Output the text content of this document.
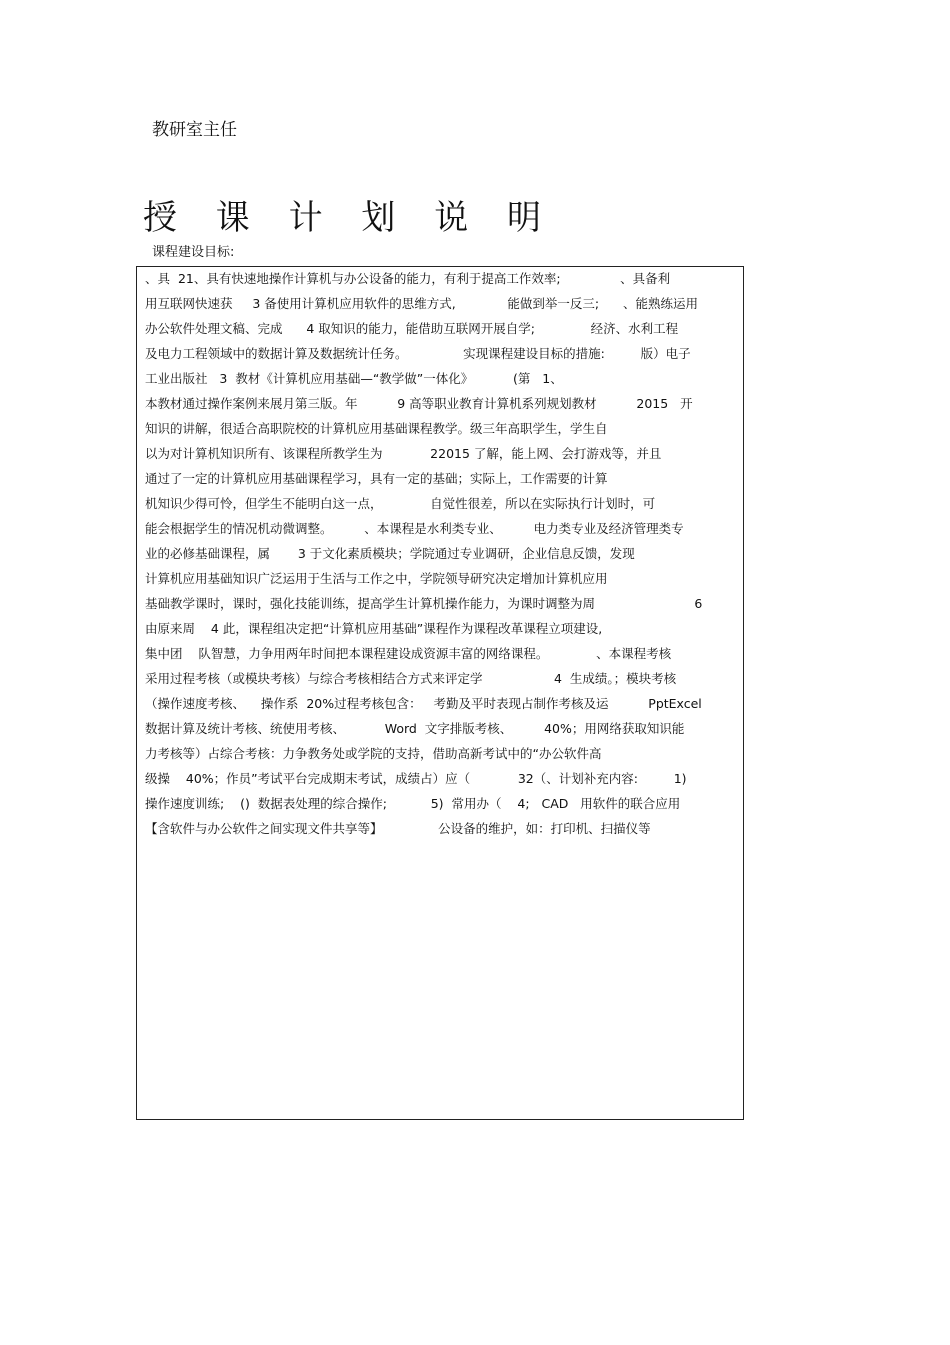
教研室主任
授 课 计 划 说 明
课程建设目标:
、具  21、具有快速地操作计算机与办公设备的能力，有利于提高工作效率;               、具备利
用互联网快速获     3 备使用计算机应用软件的思维方式,             能做到举一反三;      、能熟练运用
办公软件处理文稿、完成      4 取知识的能力，能借助互联网开展自学;              经济、水利工程
及电力工程领域中的数据计算及数据统计任务。              实现课程建设目标的措施:         版）电子
工业出版社   3  教材《计算机应用基础—“教学做”一体化》          (第   1、
本教材通过操作案例来展月第三版。年          9 高等职业教育计算机系列规划教材          2015   开
知识的讲解，很适合高职院校的计算机应用基础课程教学。级三年高职学生，学生自
以为对计算机知识所有、该课程所教学生为            22015 了解，能上网、会打游戏等，并且
通过了一定的计算机应用基础课程学习，具有一定的基础；实际上，工作需要的计算
机知识少得可怜，但学生不能明白这一点，            自觉性很差，所以在实际执行计划时，可
能会根据学生的情况机动微调整。        、本课程是水利类专业、        电力类专业及经济管理类专
业的必修基础课程，属       3 于文化素质模块；学院通过专业调研，企业信息反馈，发现
计算机应用基础知识广泛运用于生活与工作之中，学院领导研究决定增加计算机应用
基础教学课时，课时，强化技能训练，提高学生计算机操作能力，为课时调整为周                         6
由原来周    4 此，课程组决定把“计算机应用基础”课程作为课程改革课程立项建设,
集中团    队智慧，力争用两年时间把本课程建设成资源丰富的网络课程。            、本课程考核
采用过程考核（或模块考核）与综合考核相结合方式来评定学                  4  生成绩。；模块考核
（操作速度考核、    操作系  20%过程考核包含：   考勤及平时表现占制作考核及运          PptExcel
数据计算及统计考核、统使用考核、          Word  文字排版考核、        40%；用网络获取知识能
力考核等）占综合考核：力争教务处或学院的支持，借助高新考试中的“办公软件高
级操    40%；作员”考试平台完成期末考试，成绩占）应（            32（、计划补充内容:         1)
操作速度训练;    ()  数据表处理的综合操作;           5)  常用办（    4;   CAD   用软件的联合应用
【含软件与办公软件之间实现文件共享等】              公设备的维护，如：打印机、扫描仪等
